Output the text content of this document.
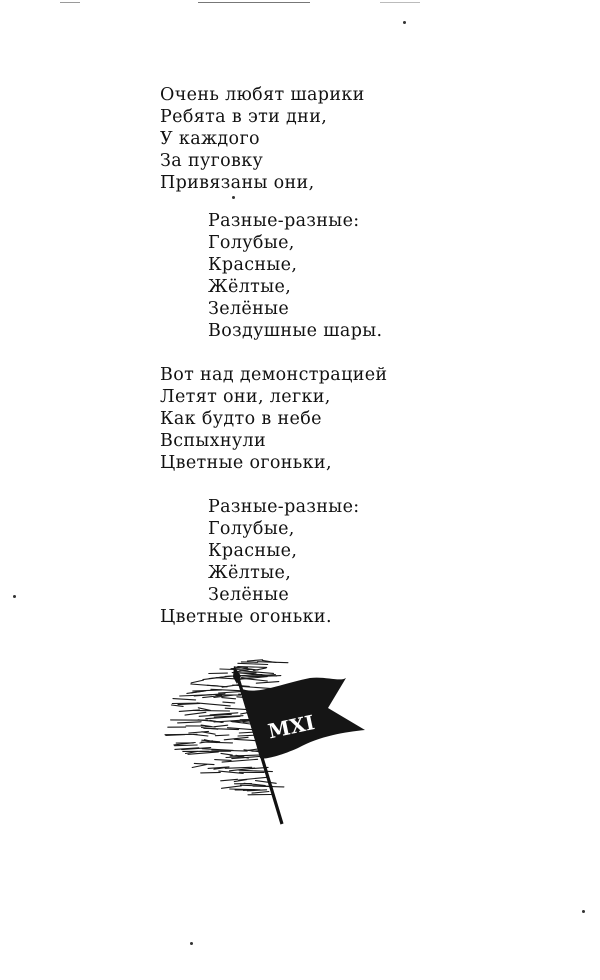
Очень любят шарики
Ребята в эти дни,
У каждого
За пуговку
Привязаны они,
Разные-разные:
Голубые,
Красные,
Жёлтые,
Зелёные
Воздушные шары.
Вот над демонстрацией
Летят они, легки,
Как будто в небе
Вспыхнули
Цветные огоньки,
Разные-разные:
Голубые,
Красные,
Жёлтые,
Зелёные
Цветные огоньки.
MXI
